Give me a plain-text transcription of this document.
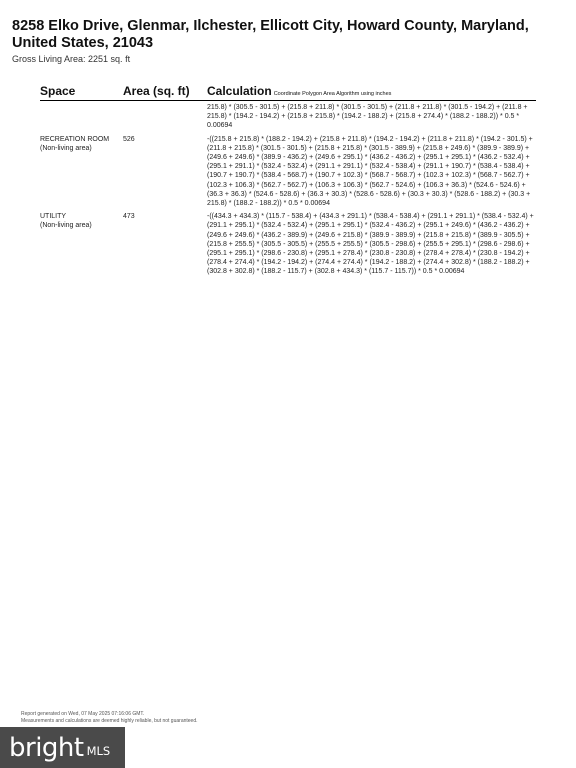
8258 Elko Drive, Glenmar, Ilchester, Ellicott City, Howard County, Maryland, United States, 21043
Gross Living Area: 2251 sq. ft
Space	Area (sq. ft)	Calculation Coordinate Polygon Area Algorithm using inches
215.8) * (305.5 - 301.5) + (215.8 + 211.8) * (301.5 - 301.5) + (211.8 + 211.8) * (301.5 - 194.2) + (211.8 + 215.8) * (194.2 - 194.2) + (215.8 + 215.8) * (194.2 - 188.2) + (215.8 + 274.4) * (188.2 - 188.2)) * 0.5 * 0.00694
RECREATION ROOM
(Non-living area)
526	-((215.8 + 215.8) * (188.2 - 194.2) + (215.8 + 211.8) * (194.2 - 194.2) + (211.8 + 211.8) * (194.2 - 301.5) + (211.8 + 215.8) * (301.5 - 301.5) + (215.8 + 215.8) * (301.5 - 389.9) + (215.8 + 249.6) * (389.9 - 389.9) + (249.6 + 249.6) * (389.9 - 436.2) + (249.6 + 295.1) * (436.2 - 436.2) + (295.1 + 295.1) * (436.2 - 532.4) + (295.1 + 291.1) * (532.4 - 532.4) + (291.1 + 291.1) * (532.4 - 538.4) + (291.1 + 190.7) * (538.4 - 538.4) + (190.7 + 190.7) * (538.4 - 568.7) + (190.7 + 102.3) * (568.7 - 568.7) + (102.3 + 102.3) * (568.7 - 562.7) + (102.3 + 106.3) * (562.7 - 562.7) + (106.3 + 106.3) * (562.7 - 524.6) + (106.3 + 36.3) * (524.6 - 524.6) + (36.3 + 36.3) * (524.6 - 528.6) + (36.3 + 30.3) * (528.6 - 528.6) + (30.3 + 30.3) * (528.6 - 188.2) + (30.3 + 215.8) * (188.2 - 188.2)) * 0.5 * 0.00694
UTILITY
(Non-living area)
473	-((434.3 + 434.3) * (115.7 - 538.4) + (434.3 + 291.1) * (538.4 - 538.4) + (291.1 + 291.1) * (538.4 - 532.4) + (291.1 + 295.1) * (532.4 - 532.4) + (295.1 + 295.1) * (532.4 - 436.2) + (295.1 + 249.6) * (436.2 - 436.2) + (249.6 + 249.6) * (436.2 - 389.9) + (249.6 + 215.8) * (389.9 - 389.9) + (215.8 + 215.8) * (389.9 - 305.5) + (215.8 + 255.5) * (305.5 - 305.5) + (255.5 + 255.5) * (305.5 - 298.6) + (255.5 + 295.1) * (298.6 - 298.6) + (295.1 + 295.1) * (298.6 - 230.8) + (295.1 + 278.4) * (230.8 - 230.8) + (278.4 + 278.4) * (230.8 - 194.2) + (278.4 + 274.4) * (194.2 - 194.2) + (274.4 + 274.4) * (194.2 - 188.2) + (274.4 + 302.8) * (188.2 - 188.2) + (302.8 + 302.8) * (188.2 - 115.7) + (302.8 + 434.3) * (115.7 - 115.7)) * 0.5 * 0.00694
Report generated on Wed, 07 May 2025 07:16:06 GMT.
Measurements and calculations are deemed highly reliable, but not guaranteed.
bright MLS
